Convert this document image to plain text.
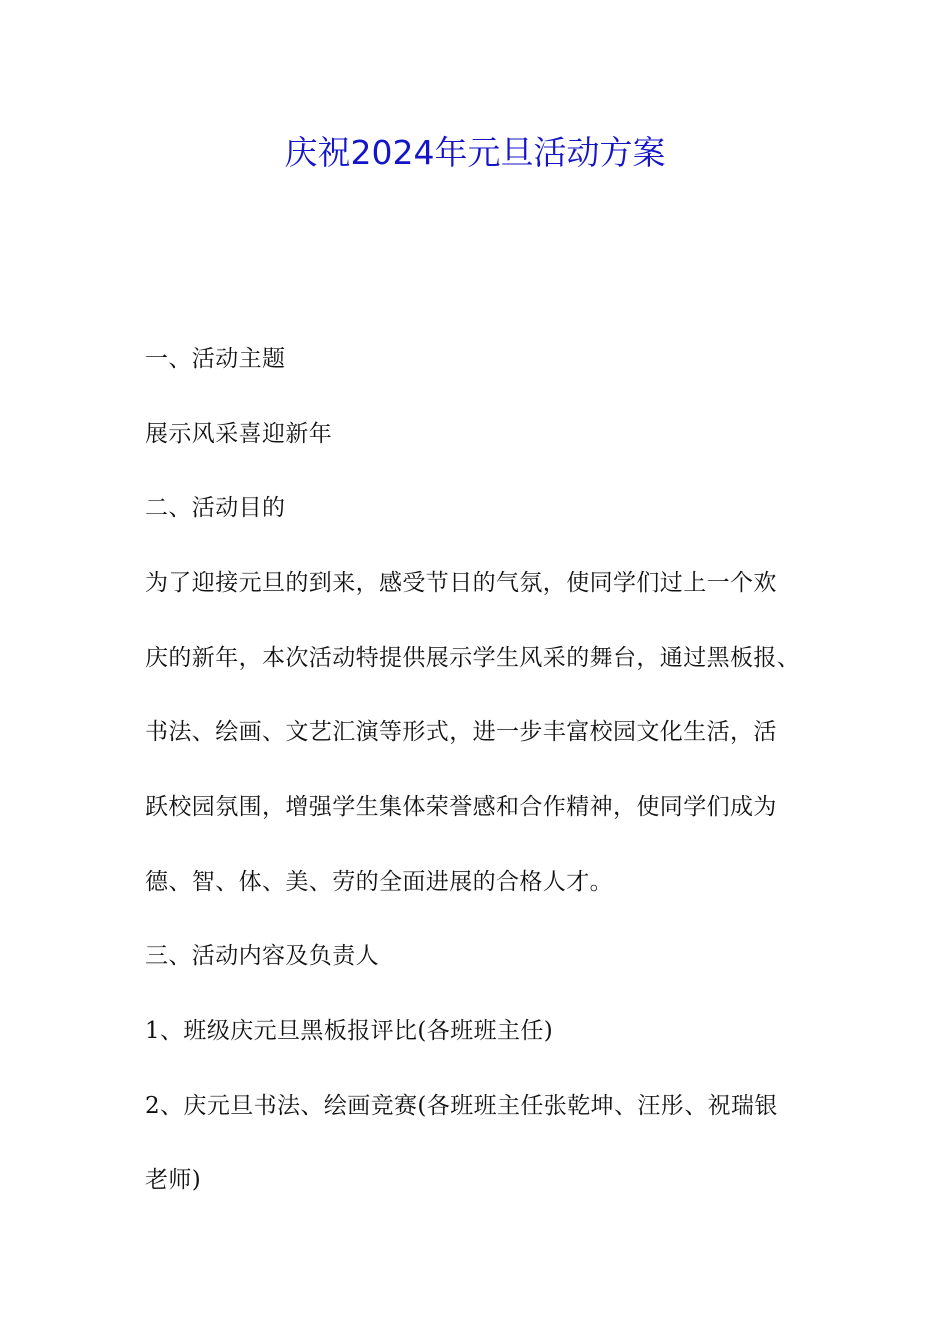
庆祝2024年元旦活动方案
一、活动主题
展示风采喜迎新年
二、活动目的
为了迎接元旦的到来，感受节日的气氛，使同学们过上一个欢
庆的新年，本次活动特提供展示学生风采的舞台，通过黑板报、
书法、绘画、文艺汇演等形式，进一步丰富校园文化生活，活
跃校园氛围，增强学生集体荣誉感和合作精神，使同学们成为
德、智、体、美、劳的全面进展的合格人才。
三、活动内容及负责人
1、班级庆元旦黑板报评比(各班班主任)
2、庆元旦书法、绘画竞赛(各班班主任张乾坤、汪彤、祝瑞银
老师)
